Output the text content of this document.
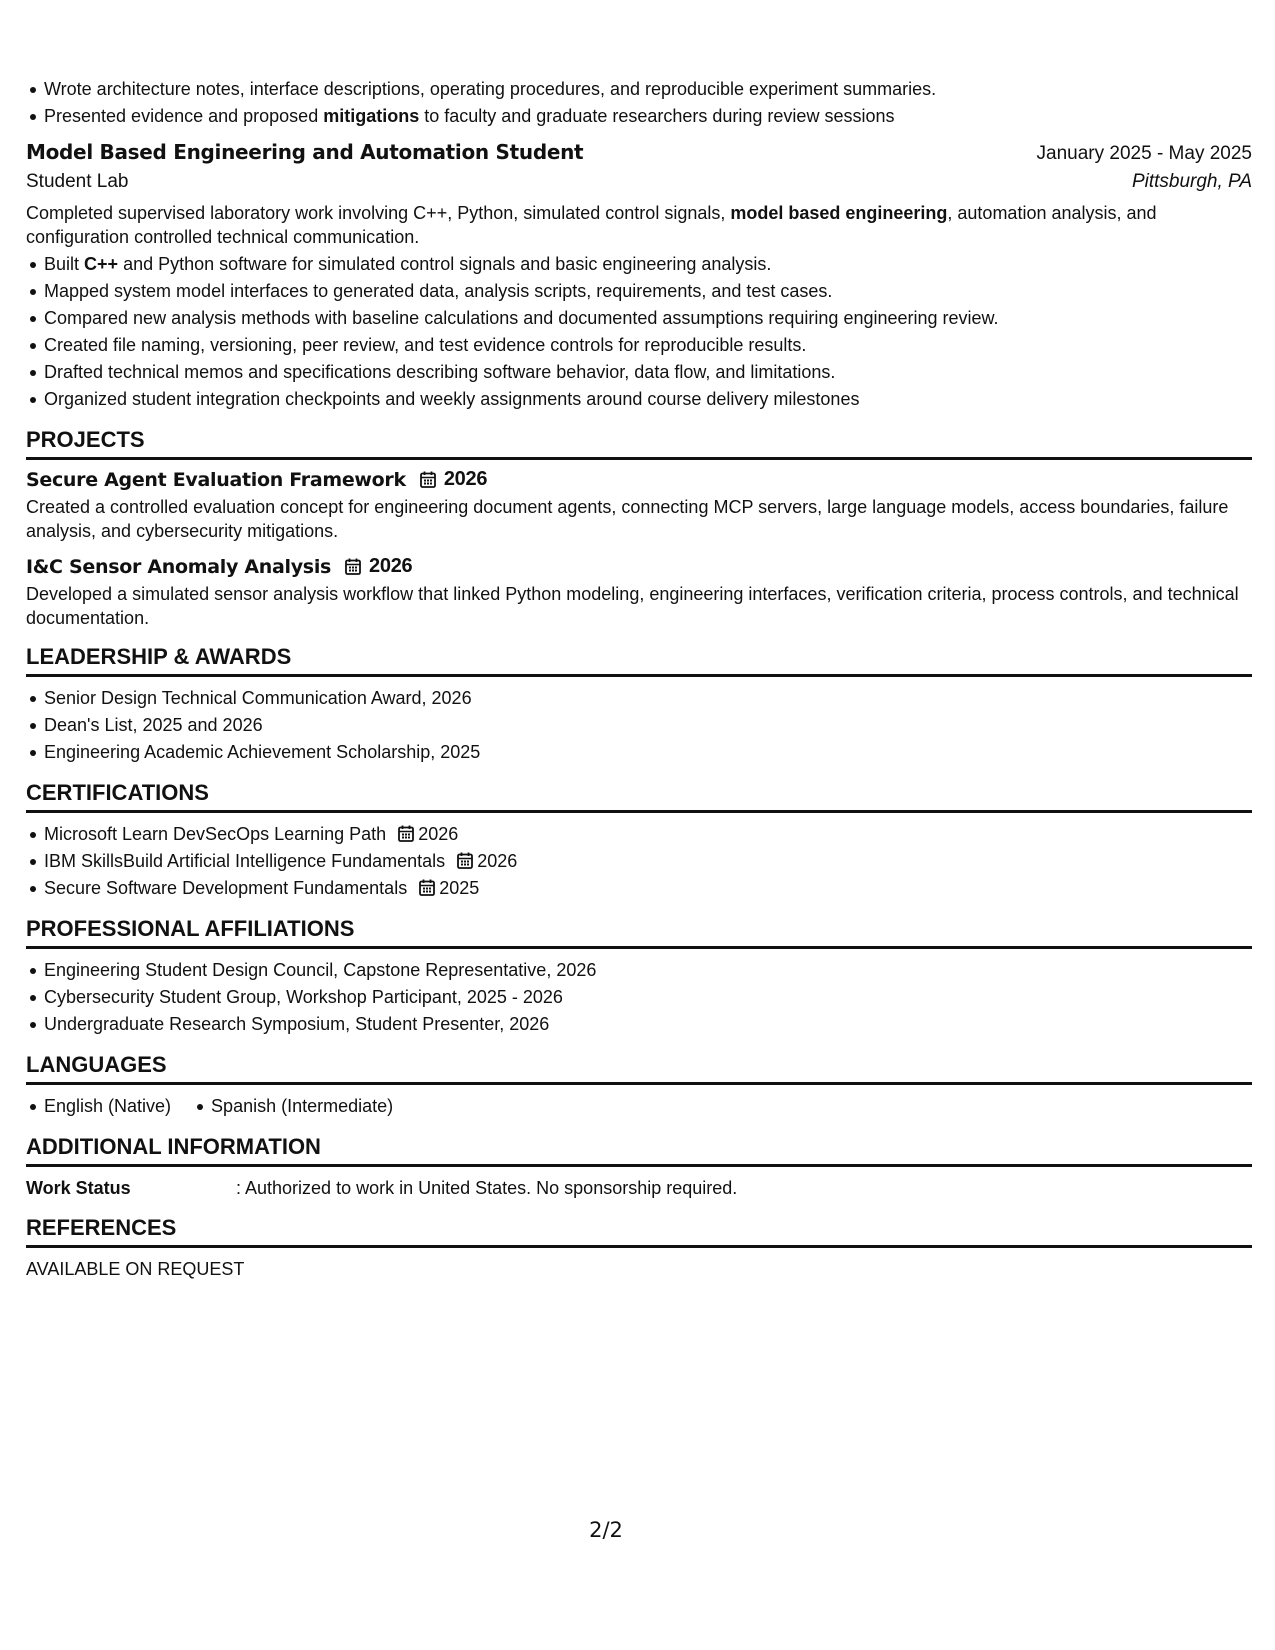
Wrote architecture notes, interface descriptions, operating procedures, and reproducible experiment summaries.
Presented evidence and proposed mitigations to faculty and graduate researchers during review sessions
Model Based Engineering and Automation Student	January 2025 - May 2025
Student Lab	Pittsburgh, PA
Completed supervised laboratory work involving C++, Python, simulated control signals, model based engineering, automation analysis, and configuration controlled technical communication.
Built C++ and Python software for simulated control signals and basic engineering analysis.
Mapped system model interfaces to generated data, analysis scripts, requirements, and test cases.
Compared new analysis methods with baseline calculations and documented assumptions requiring engineering review.
Created file naming, versioning, peer review, and test evidence controls for reproducible results.
Drafted technical memos and specifications describing software behavior, data flow, and limitations.
Organized student integration checkpoints and weekly assignments around course delivery milestones
PROJECTS
Secure Agent Evaluation Framework 2026
Created a controlled evaluation concept for engineering document agents, connecting MCP servers, large language models, access boundaries, failure analysis, and cybersecurity mitigations.
I&C Sensor Anomaly Analysis 2026
Developed a simulated sensor analysis workflow that linked Python modeling, engineering interfaces, verification criteria, process controls, and technical documentation.
LEADERSHIP & AWARDS
Senior Design Technical Communication Award, 2026
Dean's List, 2025 and 2026
Engineering Academic Achievement Scholarship, 2025
CERTIFICATIONS
Microsoft Learn DevSecOps Learning Path 2026
IBM SkillsBuild Artificial Intelligence Fundamentals 2026
Secure Software Development Fundamentals 2025
PROFESSIONAL AFFILIATIONS
Engineering Student Design Council, Capstone Representative, 2026
Cybersecurity Student Group, Workshop Participant, 2025 - 2026
Undergraduate Research Symposium, Student Presenter, 2026
LANGUAGES
English (Native) Spanish (Intermediate)
ADDITIONAL INFORMATION
Work Status	: Authorized to work in United States. No sponsorship required.
REFERENCES
AVAILABLE ON REQUEST
2/2
